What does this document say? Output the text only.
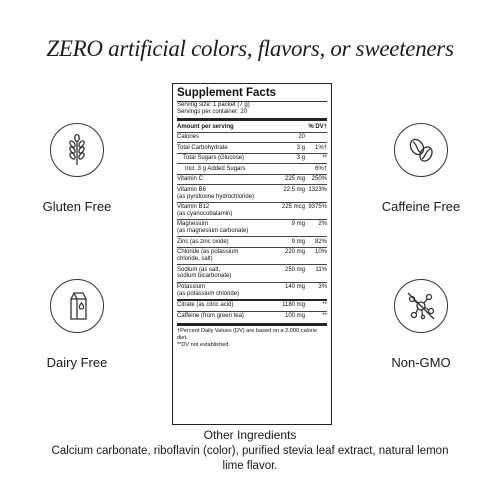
ZERO artificial colors, flavors, or sweeteners
Gluten Free	Caffeine Free
Dairy Free	Non-GMO
Supplement Facts
Serving size: 1 packet (7 g)
Servings per container: 20
Amount per serving	% DV†
Calories	20
Total Carbohydrate	3 g	1%†
Total Sugars (Glucose)	3 g	**
Incl. 3 g Added Sugars	6%†
Vitamin C	225 mg	250%
Vitamin B6
(as pyridoxine hydrochloride)
22.5 mg 1323%
Vitamin B12
(as cyanocobalamin)
225 mcg 9375%
Magnesium
(as magnesium carbonate)
9 mg	2%
Zinc (as zinc oxide)	9 mg	82%
Chloride (as potassium
chloride, salt)
220 mg	10%
Sodium (as salt,
sodium bicarbonate)
250 mg	11%
Potassium
(as potassium chloride)
140 mg	3%
Citrate (as citric acid)	1180 mg	**
Caffeine (from green tea)	100 mg	**
†Percent Daily Values (DV) are based on a 2,000 calorie diet.
**DV not established.
Other Ingredients
Calcium carbonate, riboflavin (color), purified stevia leaf extract, natural lemon lime flavor.
